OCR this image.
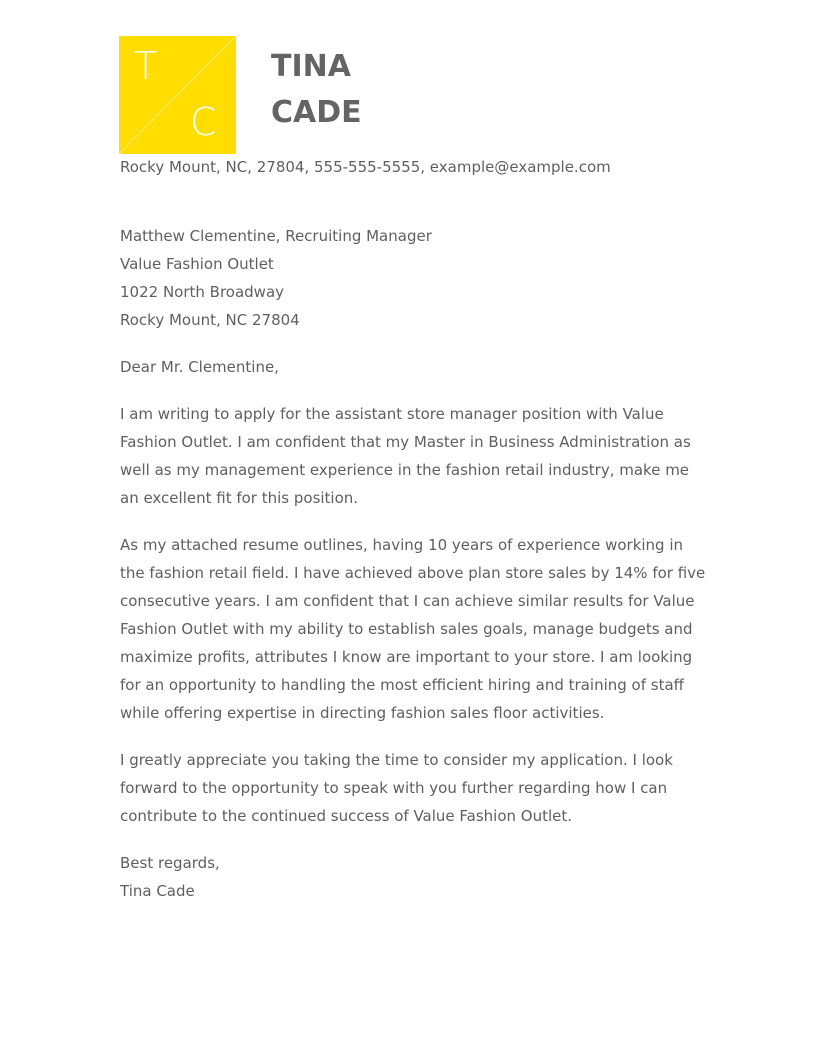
T
C
TINA
CADE
Rocky Mount, NC, 27804, 555-555-5555, example@example.com

Matthew Clementine, Recruiting Manager
Value Fashion Outlet
1022 North Broadway
Rocky Mount, NC 27804

Dear Mr. Clementine,

I am writing to apply for the assistant store manager position with Value Fashion Outlet. I am confident that my Master in Business Administration as well as my management experience in the fashion retail industry, make me an excellent fit for this position.

As my attached resume outlines, having 10 years of experience working in the fashion retail field. I have achieved above plan store sales by 14% for five consecutive years. I am confident that I can achieve similar results for Value Fashion Outlet with my ability to establish sales goals, manage budgets and maximize profits, attributes I know are important to your store. I am looking for an opportunity to handling the most efficient hiring and training of staff while offering expertise in directing fashion sales floor activities.

I greatly appreciate you taking the time to consider my application. I look forward to the opportunity to speak with you further regarding how I can contribute to the continued success of Value Fashion Outlet.

Best regards,
Tina Cade
